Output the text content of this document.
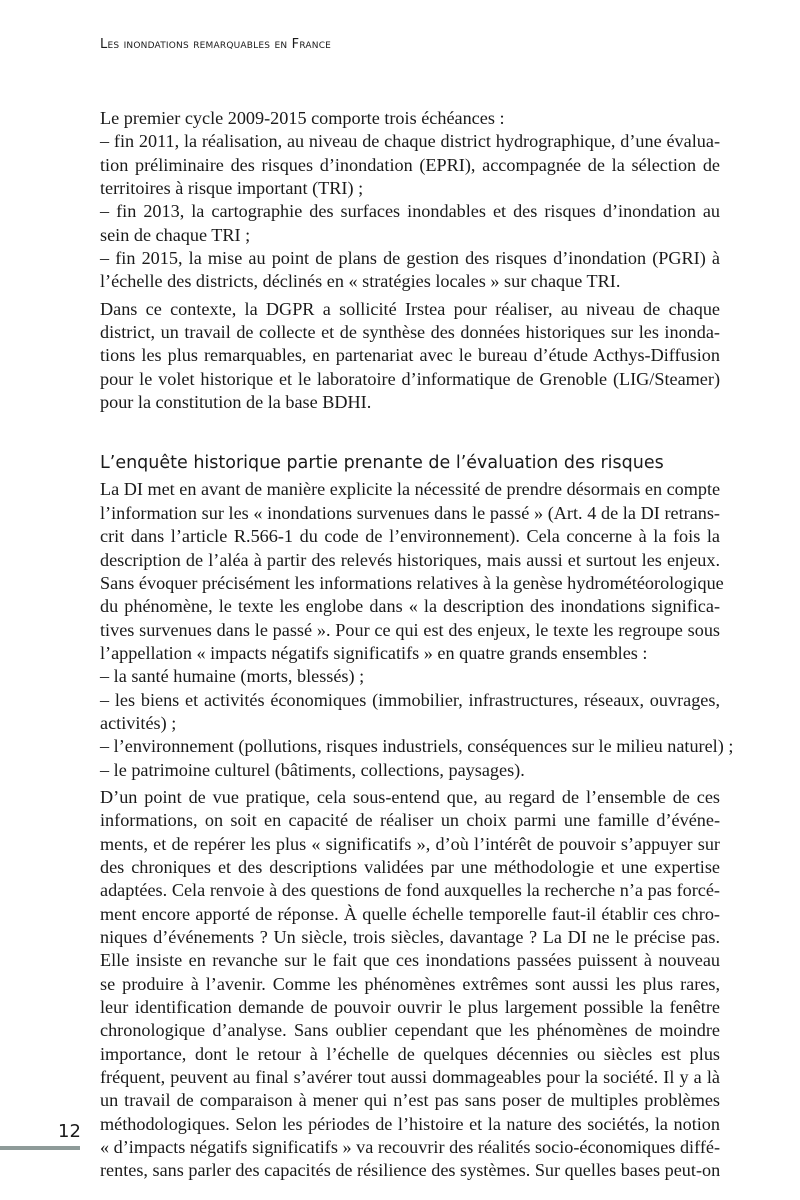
Les inondations remarquables en France
Le premier cycle 2009-2015 comporte trois échéances :
– fin 2011, la réalisation, au niveau de chaque district hydrographique, d’une évalua-
tion préliminaire des risques d’inondation (EPRI), accompagnée de la sélection de
territoires à risque important (TRI) ;
– fin 2013, la cartographie des surfaces inondables et des risques d’inondation au
sein de chaque TRI ;
– fin 2015, la mise au point de plans de gestion des risques d’inondation (PGRI) à
l’échelle des districts, déclinés en « stratégies locales » sur chaque TRI.
Dans ce contexte, la DGPR a sollicité Irstea pour réaliser, au niveau de chaque
district, un travail de collecte et de synthèse des données historiques sur les inonda-
tions les plus remarquables, en partenariat avec le bureau d’étude Acthys-Diffusion
pour le volet historique et le laboratoire d’informatique de Grenoble (LIG/Steamer)
pour la constitution de la base BDHI.
L’enquête historique partie prenante de l’évaluation des risques
La DI met en avant de manière explicite la nécessité de prendre désormais en compte
l’information sur les « inondations survenues dans le passé » (Art. 4 de la DI retrans-
crit dans l’article R.566-1 du code de l’environnement). Cela concerne à la fois la
description de l’aléa à partir des relevés historiques, mais aussi et surtout les enjeux.
Sans évoquer précisément les informations relatives à la genèse hydrométéorologique
du phénomène, le texte les englobe dans « la description des inondations significa-
tives survenues dans le passé ». Pour ce qui est des enjeux, le texte les regroupe sous
l’appellation « impacts négatifs significatifs » en quatre grands ensembles :
– la santé humaine (morts, blessés) ;
– les biens et activités économiques (immobilier, infrastructures, réseaux, ouvrages,
activités) ;
– l’environnement (pollutions, risques industriels, conséquences sur le milieu naturel) ;
– le patrimoine culturel (bâtiments, collections, paysages).
D’un point de vue pratique, cela sous-entend que, au regard de l’ensemble de ces
informations, on soit en capacité de réaliser un choix parmi une famille d’événe-
ments, et de repérer les plus « significatifs », d’où l’intérêt de pouvoir s’appuyer sur
des chroniques et des descriptions validées par une méthodologie et une expertise
adaptées. Cela renvoie à des questions de fond auxquelles la recherche n’a pas forcé-
ment encore apporté de réponse. À quelle échelle temporelle faut-il établir ces chro-
niques d’événements ? Un siècle, trois siècles, davantage ? La DI ne le précise pas.
Elle insiste en revanche sur le fait que ces inondations passées puissent à nouveau
se produire à l’avenir. Comme les phénomènes extrêmes sont aussi les plus rares,
leur identification demande de pouvoir ouvrir le plus largement possible la fenêtre
chronologique d’analyse. Sans oublier cependant que les phénomènes de moindre
importance, dont le retour à l’échelle de quelques décennies ou siècles est plus
fréquent, peuvent au final s’avérer tout aussi dommageables pour la société. Il y a là
un travail de comparaison à mener qui n’est pas sans poser de multiples problèmes
méthodologiques. Selon les périodes de l’histoire et la nature des sociétés, la notion
« d’impacts négatifs significatifs » va recouvrir des réalités socio-économiques diffé-
rentes, sans parler des capacités de résilience des systèmes. Sur quelles bases peut-on
12
